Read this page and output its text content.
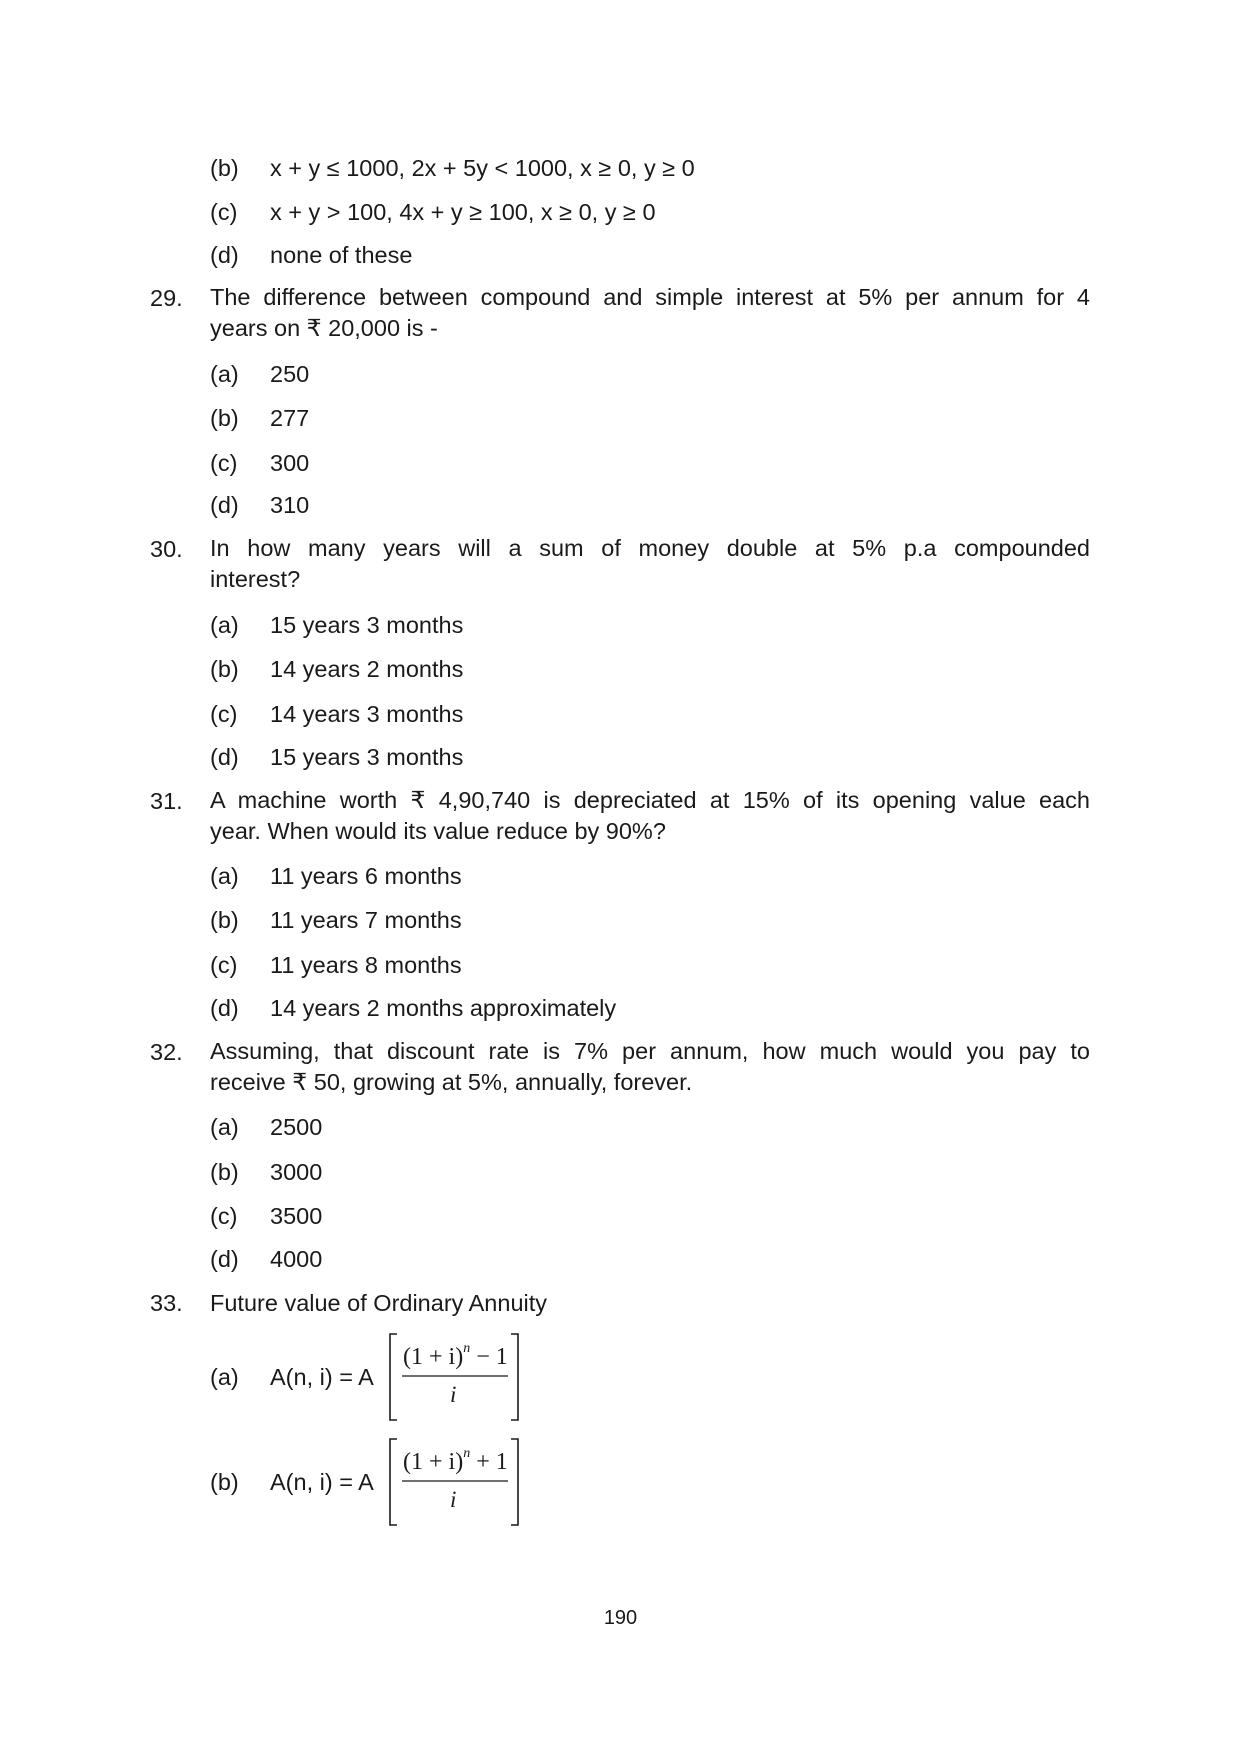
(b) x + y ≤ 1000, 2x + 5y < 1000, x ≥ 0, y ≥ 0
(c) x + y > 100, 4x + y ≥ 100, x ≥ 0, y ≥ 0
(d) none of these
29. The difference between compound and simple interest at 5% per annum for 4
years on ₹ 20,000 is -
(a) 250
(b) 277
(c) 300
(d) 310
30. In how many years will a sum of money double at 5% p.a compounded
interest?
(a) 15 years 3 months
(b) 14 years 2 months
(c) 14 years 3 months
(d) 15 years 3 months
31. A machine worth ₹ 4,90,740 is depreciated at 15% of its opening value each
year. When would its value reduce by 90%?
(a) 11 years 6 months
(b) 11 years 7 months
(c) 11 years 8 months
(d) 14 years 2 months approximately
32. Assuming, that discount rate is 7% per annum, how much would you pay to
receive ₹ 50, growing at 5%, annually, forever.
(a) 2500
(b) 3000
(c) 3500
(d) 4000
33. Future value of Ordinary Annuity
(a) A(n, i) = A
$(1 + i)^n - 1$
i
(b) A(n, i) = A
$(1 + i)^n + 1$
i
190
